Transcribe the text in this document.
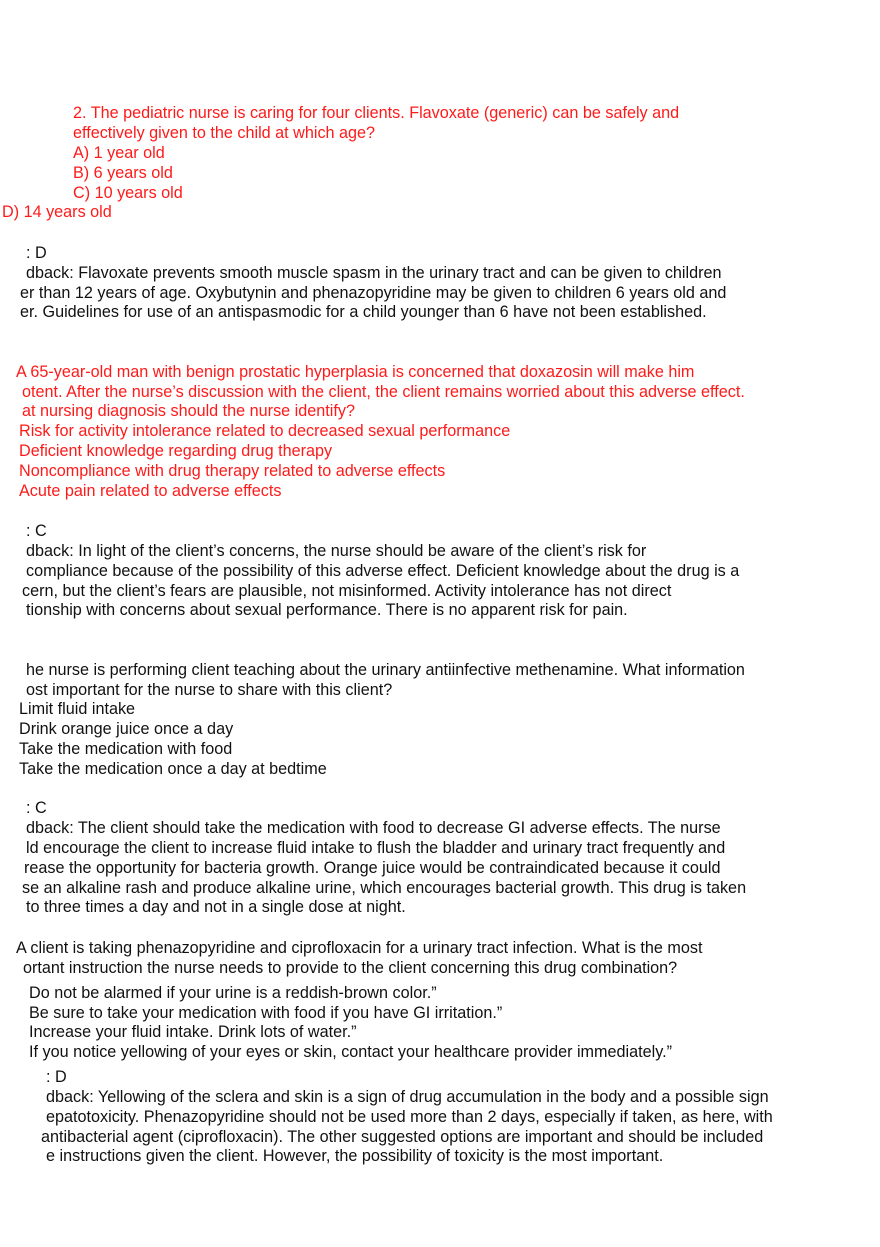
2. The pediatric nurse is caring for four clients. Flavoxate (generic) can be safely and

effectively given to the child at which age?

A) 1 year old

B) 6 years old

C) 10 years old

D) 14 years old

: D

dback: Flavoxate prevents smooth muscle spasm in the urinary tract and can be given to children

er than 12 years of age. Oxybutynin and phenazopyridine may be given to children 6 years old and

er. Guidelines for use of an antispasmodic for a child younger than 6 have not been established.

A 65-year-old man with benign prostatic hyperplasia is concerned that doxazosin will make him

otent. After the nurse’s discussion with the client, the client remains worried about this adverse effect.

at nursing diagnosis should the nurse identify?

Risk for activity intolerance related to decreased sexual performance

Deficient knowledge regarding drug therapy

Noncompliance with drug therapy related to adverse effects

Acute pain related to adverse effects

: C

dback: In light of the client’s concerns, the nurse should be aware of the client’s risk for

compliance because of the possibility of this adverse effect. Deficient knowledge about the drug is a

cern, but the client’s fears are plausible, not misinformed. Activity intolerance has not direct

tionship with concerns about sexual performance. There is no apparent risk for pain.

he nurse is performing client teaching about the urinary antiinfective methenamine. What information

ost important for the nurse to share with this client?

Limit fluid intake

Drink orange juice once a day

Take the medication with food

Take the medication once a day at bedtime

: C

dback: The client should take the medication with food to decrease GI adverse effects. The nurse

ld encourage the client to increase fluid intake to flush the bladder and urinary tract frequently and

rease the opportunity for bacteria growth. Orange juice would be contraindicated because it could

se an alkaline rash and produce alkaline urine, which encourages bacterial growth. This drug is taken

to three times a day and not in a single dose at night.

A client is taking phenazopyridine and ciprofloxacin for a urinary tract infection. What is the most

ortant instruction the nurse needs to provide to the client concerning this drug combination?

Do not be alarmed if your urine is a reddish-brown color.”

Be sure to take your medication with food if you have GI irritation.”

Increase your fluid intake. Drink lots of water.”

If you notice yellowing of your eyes or skin, contact your healthcare provider immediately.”

: D

dback: Yellowing of the sclera and skin is a sign of drug accumulation in the body and a possible sign

epatotoxicity. Phenazopyridine should not be used more than 2 days, especially if taken, as here, with

antibacterial agent (ciprofloxacin). The other suggested options are important and should be included

e instructions given the client. However, the possibility of toxicity is the most important.
